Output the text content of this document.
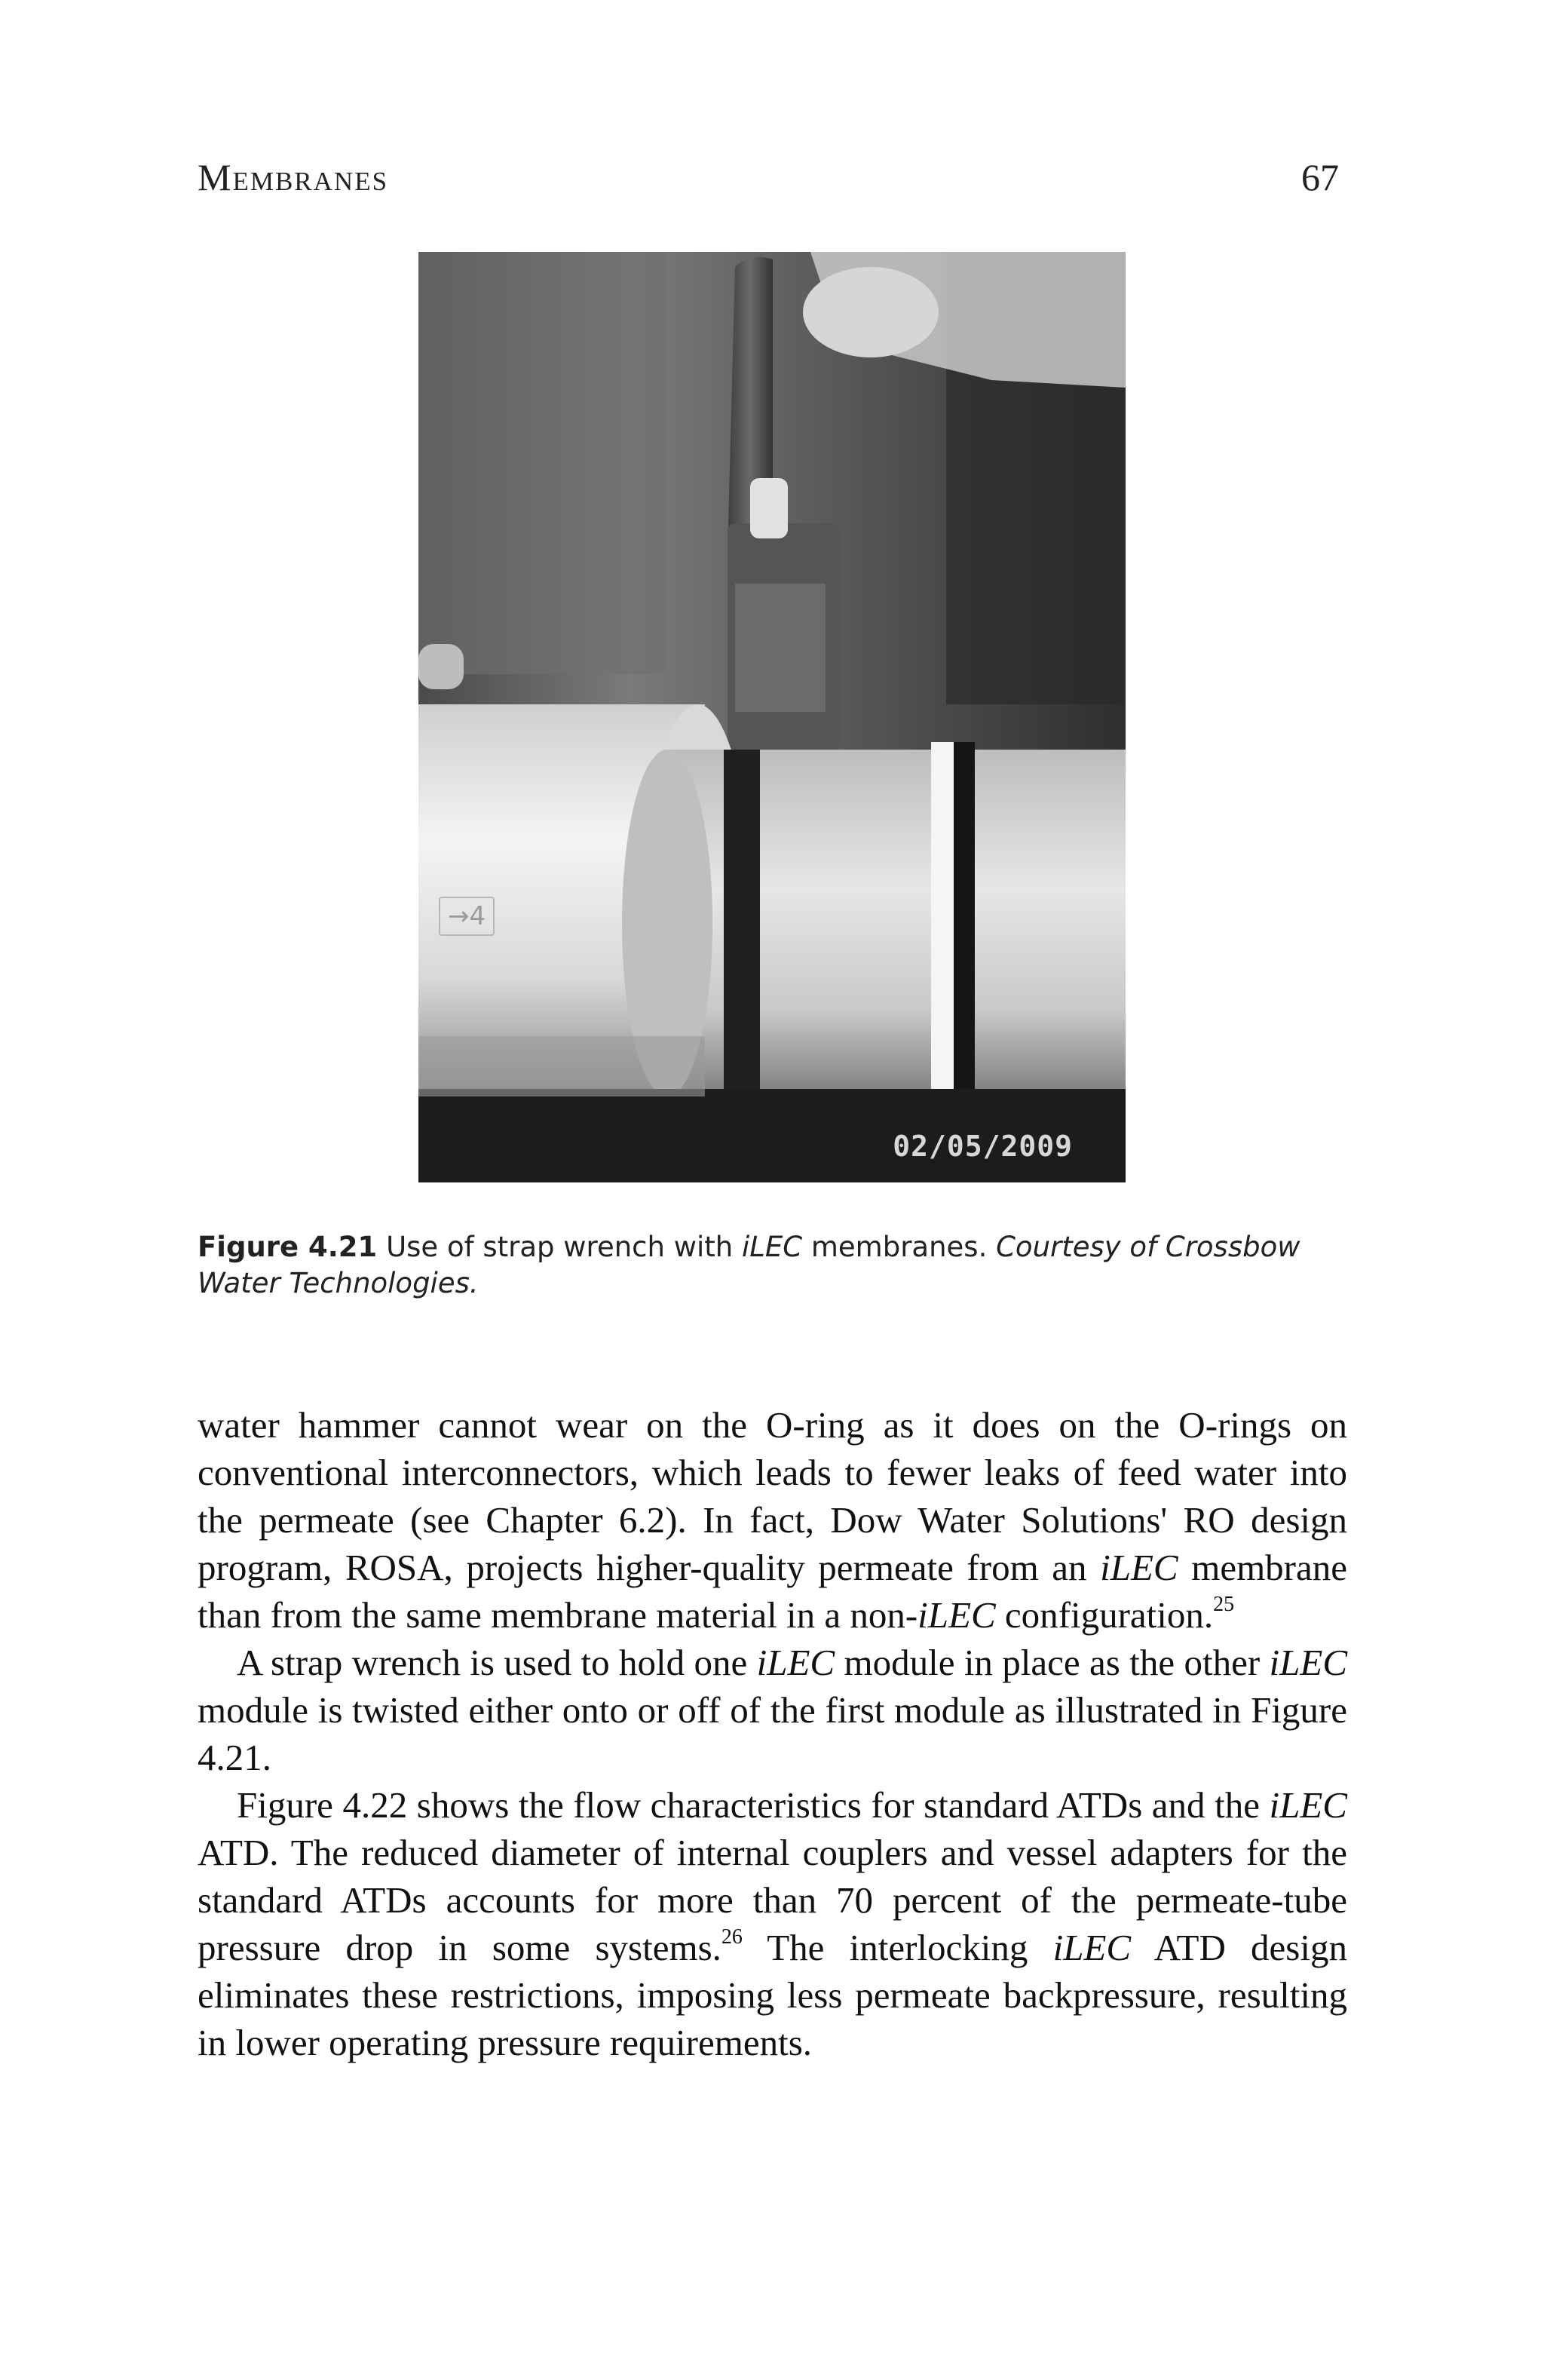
Membranes	67
→4
02/05/2009
Figure 4.21 Use of strap wrench with iLEC membranes. Courtesy of Crossbow Water Technologies.

water hammer cannot wear on the O-ring as it does on the O-rings on conventional interconnectors, which leads to fewer leaks of feed water into the permeate (see Chapter 6.2). In fact, Dow Water Solutions' RO design program, ROSA, projects higher-quality permeate from an iLEC membrane than from the same membrane material in a non-iLEC configuration.$^{25}$

A strap wrench is used to hold one iLEC module in place as the other iLEC module is twisted either onto or off of the first module as illustrated in Figure 4.21.

Figure 4.22 shows the flow characteristics for standard ATDs and the iLEC ATD. The reduced diameter of internal couplers and vessel adapters for the standard ATDs accounts for more than 70 percent of the permeate-tube pressure drop in some systems.$^{26}$ The interlocking iLEC ATD design eliminates these restrictions, imposing less permeate backpressure, resulting in lower operating pressure requirements.
